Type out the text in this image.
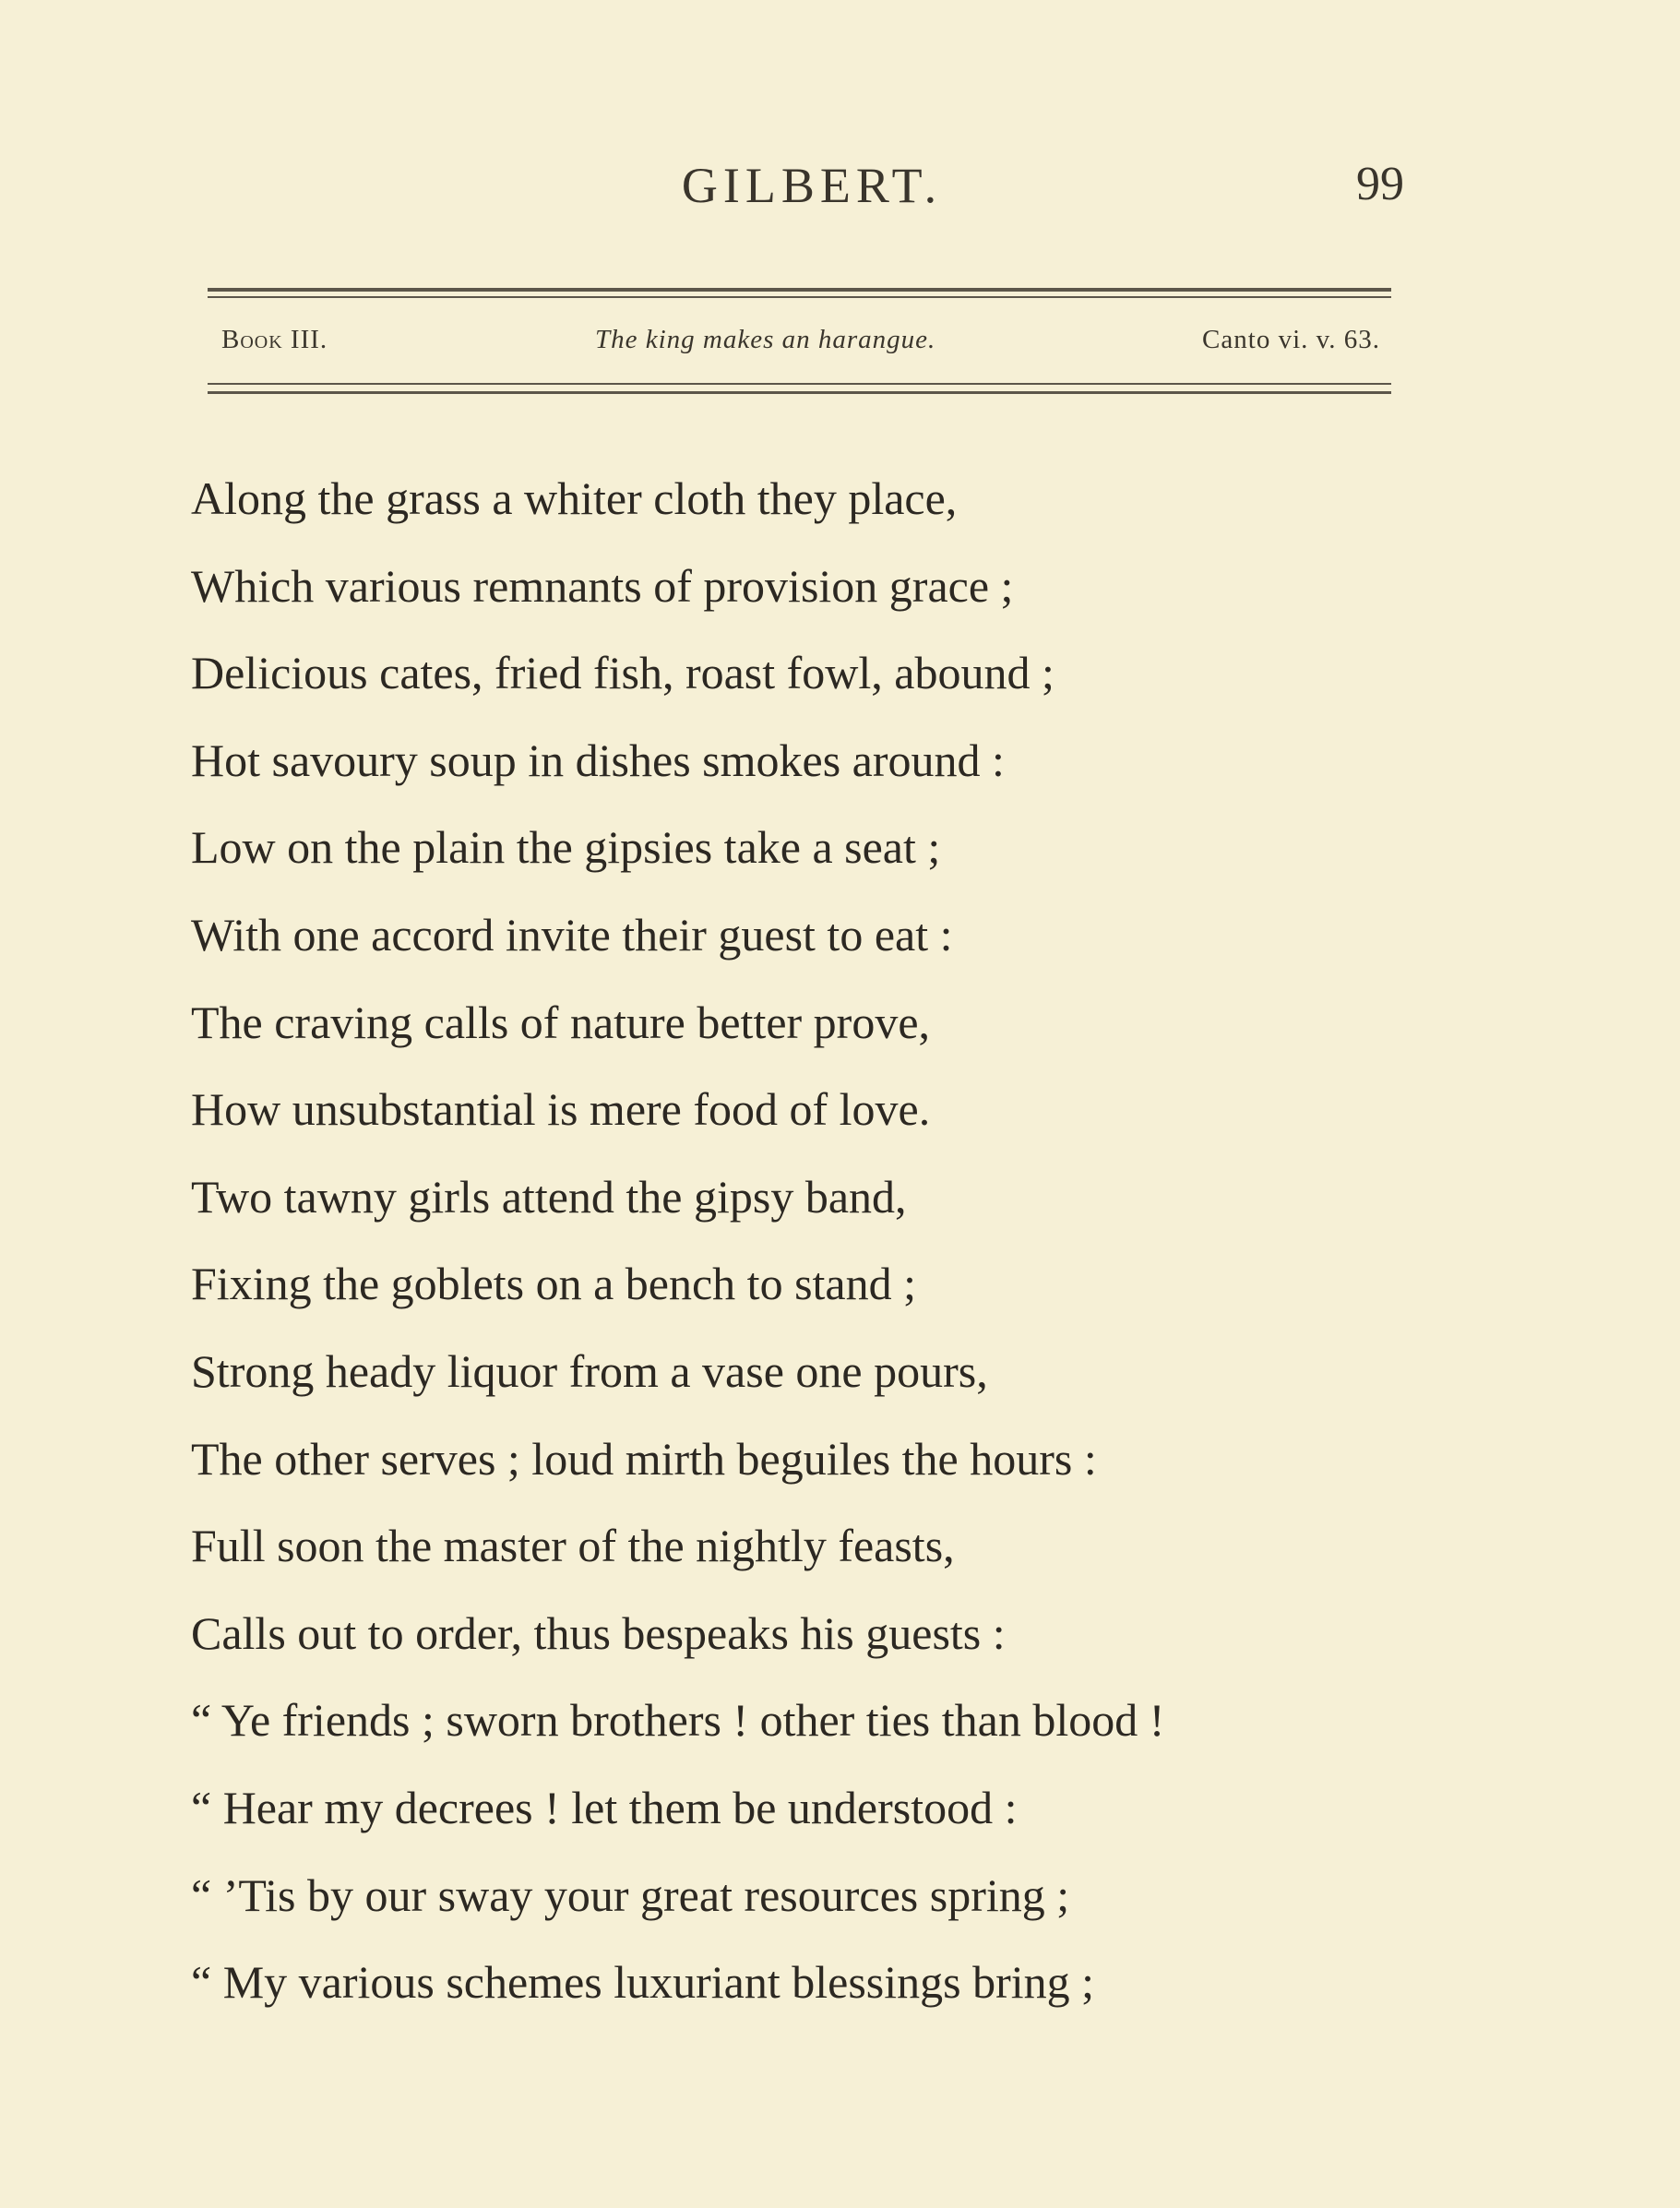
GILBERT.	99
Book III.	The king makes an harangue.	Canto vi. v. 63.
Along the grass a whiter cloth they place,
Which various remnants of provision grace ;
Delicious cates, fried fish, roast fowl, abound ;
Hot savoury soup in dishes smokes around :
Low on the plain the gipsies take a seat ;
With one accord invite their guest to eat :
The craving calls of nature better prove,
How unsubstantial is mere food of love.
Two tawny girls attend the gipsy band,
Fixing the goblets on a bench to stand ;
Strong heady liquor from a vase one pours,
The other serves ; loud mirth beguiles the hours :
Full soon the master of the nightly feasts,
Calls out to order, thus bespeaks his guests :
“ Ye friends ; sworn brothers ! other ties than blood !
“ Hear my decrees ! let them be understood :
“ ’Tis by our sway your great resources spring ;
“ My various schemes luxuriant blessings bring ;
